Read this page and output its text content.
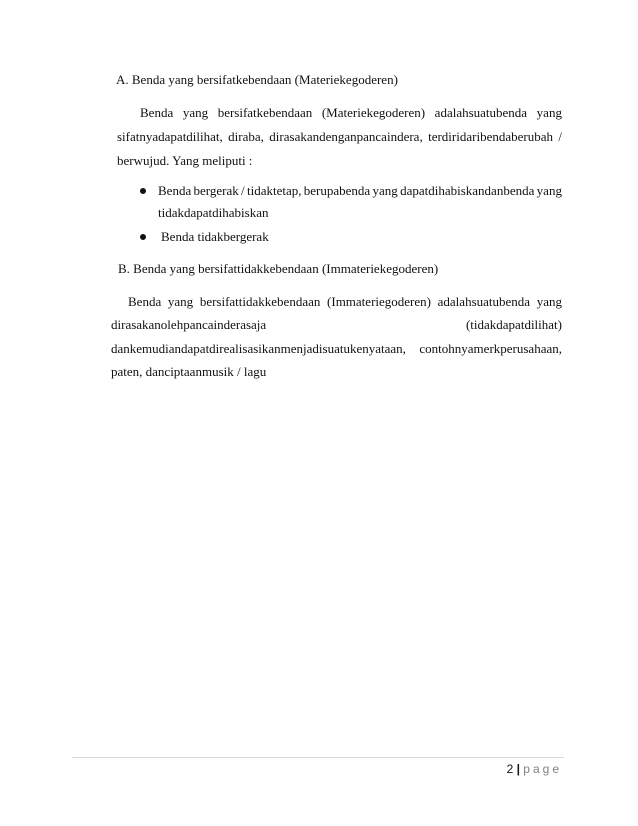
A. Benda yang bersifatkebendaan (Materiekegoderen)
Benda yang bersifatkebendaan (Materiekegoderen) adalahsuatubenda yang
sifatnyadapatdilihat, diraba, dirasakandenganpancaindera, terdiridaribendaberubah /
berwujud. Yang meliputi :
Benda bergerak / tidaktetap, berupabenda yang dapatdihabiskandanbenda yang
tidakdapatdihabiskan
Benda tidakbergerak
B. Benda yang bersifattidakkebendaan (Immateriekegoderen)
Benda yang bersifattidakkebendaan (Immateriegoderen) adalahsuatubenda yang
dirasakanolehpancainderasaja	(tidakdapatdilihat)
dankemudiandapatdirealisasikanmenjadisuatukenyataan, contohnyamerkperusahaan,
paten, danciptaanmusik / lagu
2 | page
